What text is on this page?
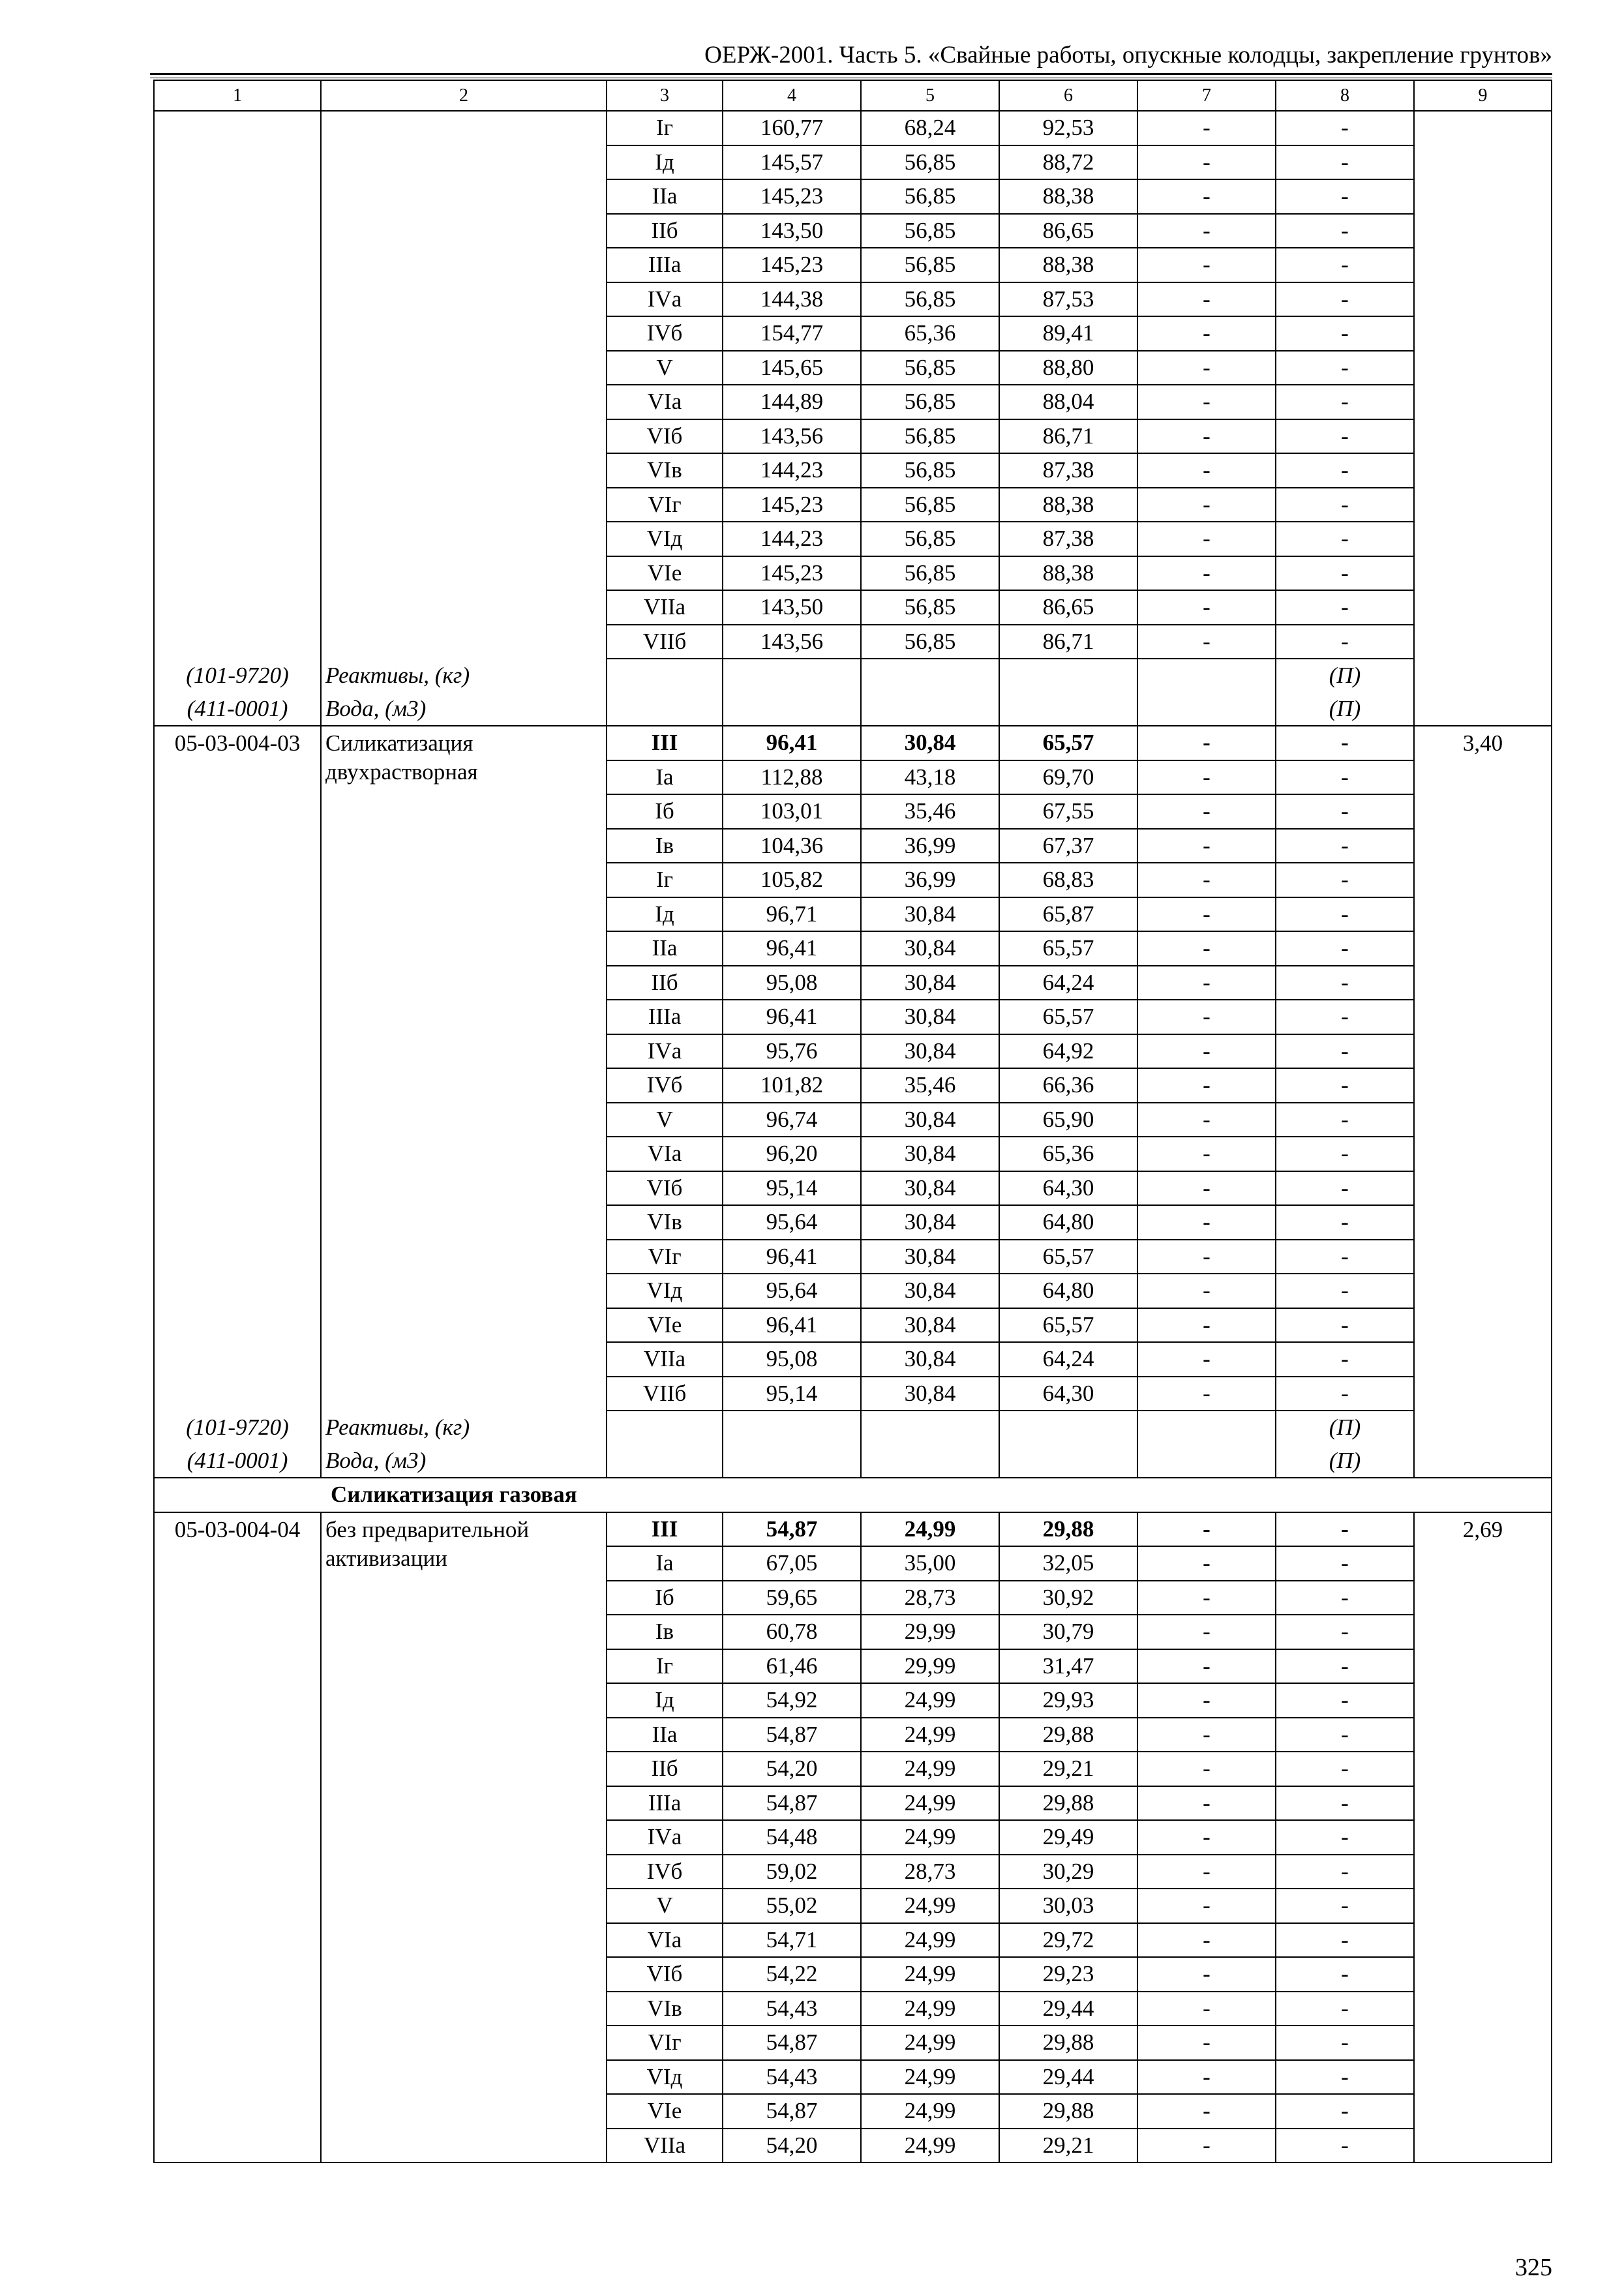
ОЕРЖ-2001. Часть 5. «Свайные работы, опускные колодцы, закрепление грунтов»
1	2	3	4	5	6	7	8	9
		Iг	160,77	68,24	92,53	-	-	
		Iд	145,57	56,85	88,72	-	-	
		IIа	145,23	56,85	88,38	-	-	
		IIб	143,50	56,85	86,65	-	-	
		IIIа	145,23	56,85	88,38	-	-	
		IVа	144,38	56,85	87,53	-	-	
		IVб	154,77	65,36	89,41	-	-	
		V	145,65	56,85	88,80	-	-	
		VIа	144,89	56,85	88,04	-	-	
		VIб	143,56	56,85	86,71	-	-	
		VIв	144,23	56,85	87,38	-	-	
		VIг	145,23	56,85	88,38	-	-	
		VIд	144,23	56,85	87,38	-	-	
		VIе	145,23	56,85	88,38	-	-	
		VIIа	143,50	56,85	86,65	-	-	
		VIIб	143,56	56,85	86,71	-	-	
(101-9720)	Реактивы, (кг)						(П)	
(411-0001)	Вода, (м3)						(П)	
05-03-004-03	Силикатизация двухрастворная	III	96,41	30,84	65,57	-	-	3,40
		Iа	112,88	43,18	69,70	-	-	
		Iб	103,01	35,46	67,55	-	-	
		Iв	104,36	36,99	67,37	-	-	
		Iг	105,82	36,99	68,83	-	-	
		Iд	96,71	30,84	65,87	-	-	
		IIа	96,41	30,84	65,57	-	-	
		IIб	95,08	30,84	64,24	-	-	
		IIIа	96,41	30,84	65,57	-	-	
		IVа	95,76	30,84	64,92	-	-	
		IVб	101,82	35,46	66,36	-	-	
		V	96,74	30,84	65,90	-	-	
		VIа	96,20	30,84	65,36	-	-	
		VIб	95,14	30,84	64,30	-	-	
		VIв	95,64	30,84	64,80	-	-	
		VIг	96,41	30,84	65,57	-	-	
		VIд	95,64	30,84	64,80	-	-	
		VIе	96,41	30,84	65,57	-	-	
		VIIа	95,08	30,84	64,24	-	-	
		VIIб	95,14	30,84	64,30	-	-	
(101-9720)	Реактивы, (кг)						(П)	
(411-0001)	Вода, (м3)						(П)	
Силикатизация газовая								
05-03-004-04	без предварительной активизации	III	54,87	24,99	29,88	-	-	2,69
		Iа	67,05	35,00	32,05	-	-	
		Iб	59,65	28,73	30,92	-	-	
		Iв	60,78	29,99	30,79	-	-	
		Iг	61,46	29,99	31,47	-	-	
		Iд	54,92	24,99	29,93	-	-	
		IIа	54,87	24,99	29,88	-	-	
		IIб	54,20	24,99	29,21	-	-	
		IIIа	54,87	24,99	29,88	-	-	
		IVа	54,48	24,99	29,49	-	-	
		IVб	59,02	28,73	30,29	-	-	
		V	55,02	24,99	30,03	-	-	
		VIа	54,71	24,99	29,72	-	-	
		VIб	54,22	24,99	29,23	-	-	
		VIв	54,43	24,99	29,44	-	-	
		VIг	54,87	24,99	29,88	-	-	
		VIд	54,43	24,99	29,44	-	-	
		VIе	54,87	24,99	29,88	-	-	
		VIIа	54,20	24,99	29,21	-	-	
325
